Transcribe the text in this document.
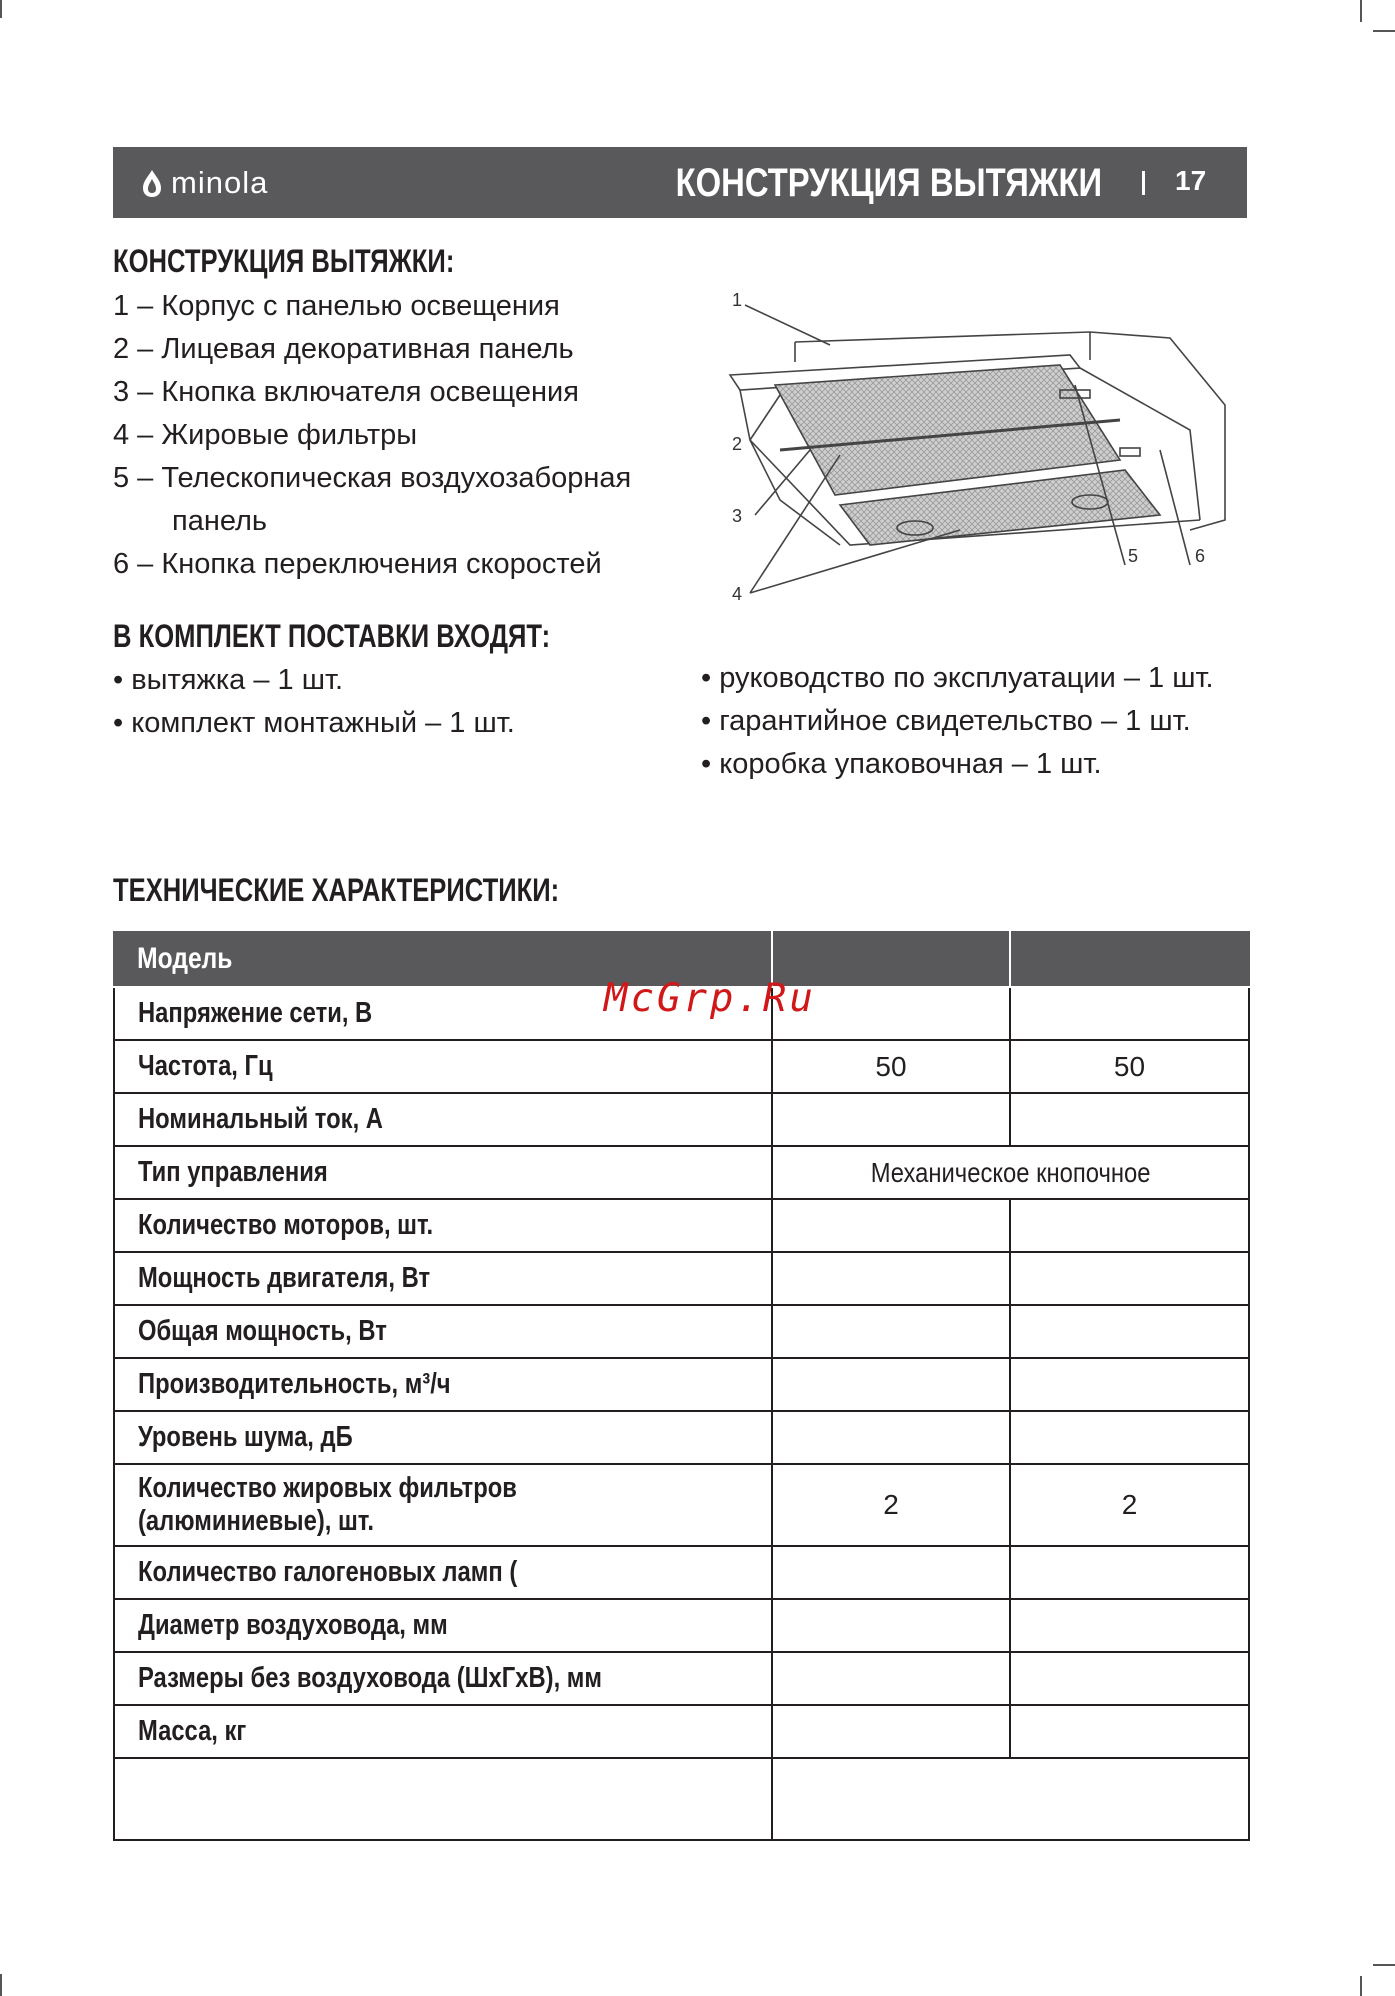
minola	КОНСТРУКЦИЯ ВЫТЯЖКИ	17
КОНСТРУКЦИЯ ВЫТЯЖКИ:
1 – Корпус с панелью освещения
2 – Лицевая декоративная панель
3 – Кнопка включателя освещения
4 – Жировые фильтры
5 – Телескопическая воздухозаборная
панель
6 – Кнопка переключения скоростей
1
2
3
4
5	6
В КОМПЛЕКТ ПОСТАВКИ ВХОДЯТ:
• вытяжка – 1 шт.
• комплект монтажный – 1 шт.
• руководство по эксплуатации – 1 шт.
• гарантийное свидетельство – 1 шт.
• коробка упаковочная – 1 шт.
ТЕХНИЧЕСКИЕ ХАРАКТЕРИСТИКИ:
Модель		
Напряжение сети, В		
Частота, Гц	50	50
Номинальный ток, А		
Тип управления	Механическое кнопочное	
Количество моторов, шт.		
Мощность двигателя, Вт		
Общая мощность, Вт		
Производительность, м³/ч		
Уровень шума, дБ		
Количество жировых фильтров
(алюминиевые), шт.	2	2
Количество галогеновых ламп (		
Диаметр воздуховода, мм		
Размеры без воздуховода (ШхГхВ), мм		
Масса, кг		

McGrp.Ru
